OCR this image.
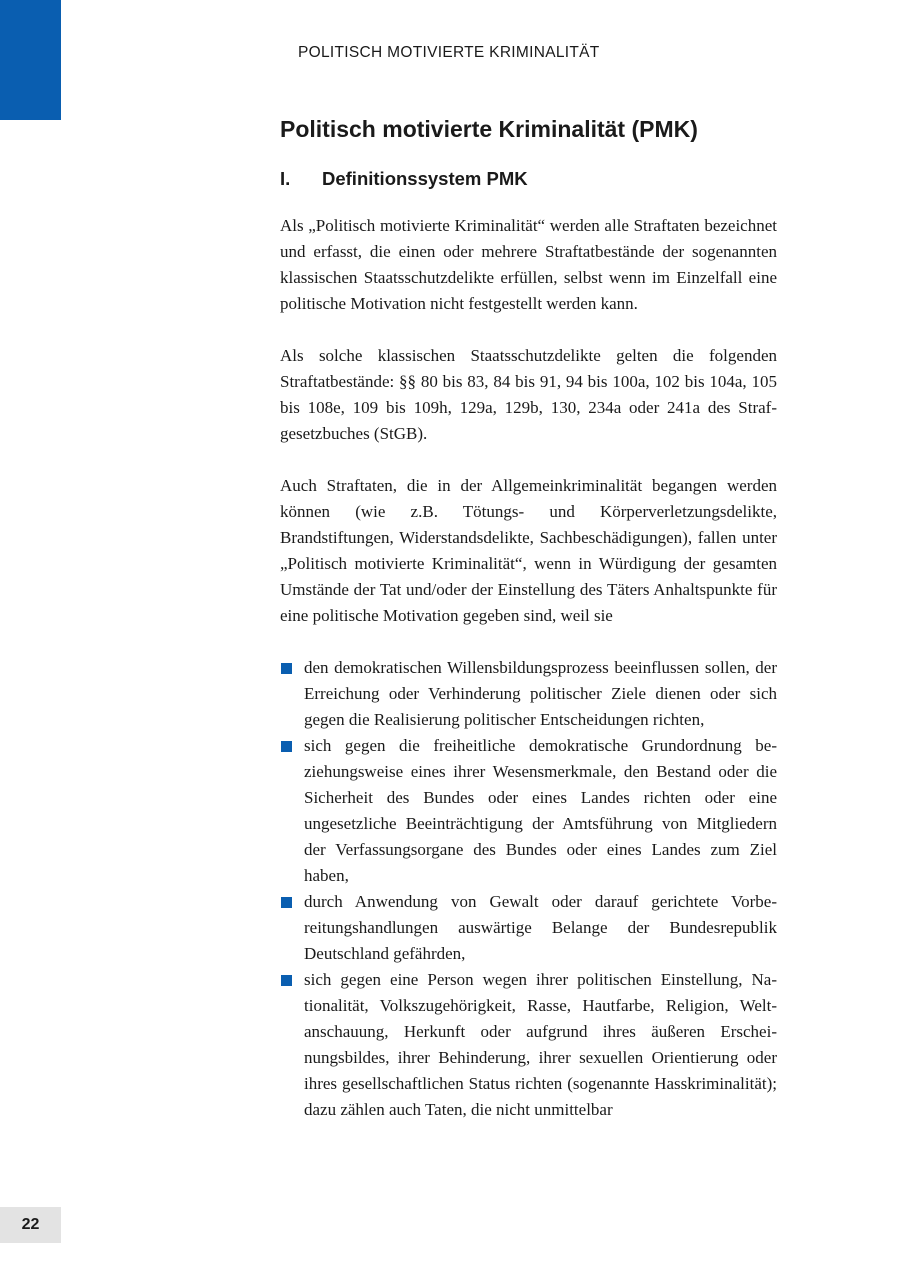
POLITISCH MOTIVIERTE KRIMINALITÄT
Politisch motivierte Kriminalität (PMK)
I.	Definitionssystem PMK

Als „Politisch motivierte Kriminalität“ werden alle Straftaten bezeichnet und erfasst, die einen oder mehrere Straftatbestände der sogenannten klassischen Staatsschutzdelikte erfüllen, selbst wenn im Einzelfall eine politische Motivation nicht festgestellt werden kann.

Als solche klassischen Staatsschutzdelikte gelten die folgenden Straftatbestände: §§ 80 bis 83, 84 bis 91, 94 bis 100a, 102 bis 104a, 105 bis 108e, 109 bis 109h, 129a, 129b, 130, 234a oder 241a des Strafgesetzbuches (StGB).

Auch Straftaten, die in der Allgemeinkriminalität begangen werden können (wie z.B. Tötungs- und Körperverletzungsdelikte, Brandstiftungen, Widerstandsdelikte, Sachbeschädigungen), fallen unter „Politisch motivierte Kriminalität“, wenn in Würdigung der gesamten Umstände der Tat und/oder der Einstellung des Täters Anhaltspunkte für eine politische Motivation gegeben sind, weil sie

den demokratischen Willensbildungsprozess beeinflussen sollen, der Erreichung oder Verhinderung politischer Ziele dienen oder sich gegen die Realisierung politischer Entscheidungen richten,
sich gegen die freiheitliche demokratische Grundordnung beziehungsweise eines ihrer Wesensmerkmale, den Bestand oder die Sicherheit des Bundes oder eines Landes richten oder eine ungesetzliche Beeinträchtigung der Amtsführung von Mitgliedern der Verfassungsorgane des Bundes oder eines Landes zum Ziel haben,
durch Anwendung von Gewalt oder darauf gerichtete Vorbereitungshandlungen auswärtige Belange der Bundesrepublik Deutschland gefährden,
sich gegen eine Person wegen ihrer politischen Einstellung, Nationalität, Volkszugehörigkeit, Rasse, Hautfarbe, Religion, Weltanschauung, Herkunft oder aufgrund ihres äußeren Erscheinungsbildes, ihrer Behinderung, ihrer sexuellen Orientierung oder ihres gesellschaftlichen Status richten (sogenannte Hasskriminalität); dazu zählen auch Taten, die nicht unmittelbar
22
